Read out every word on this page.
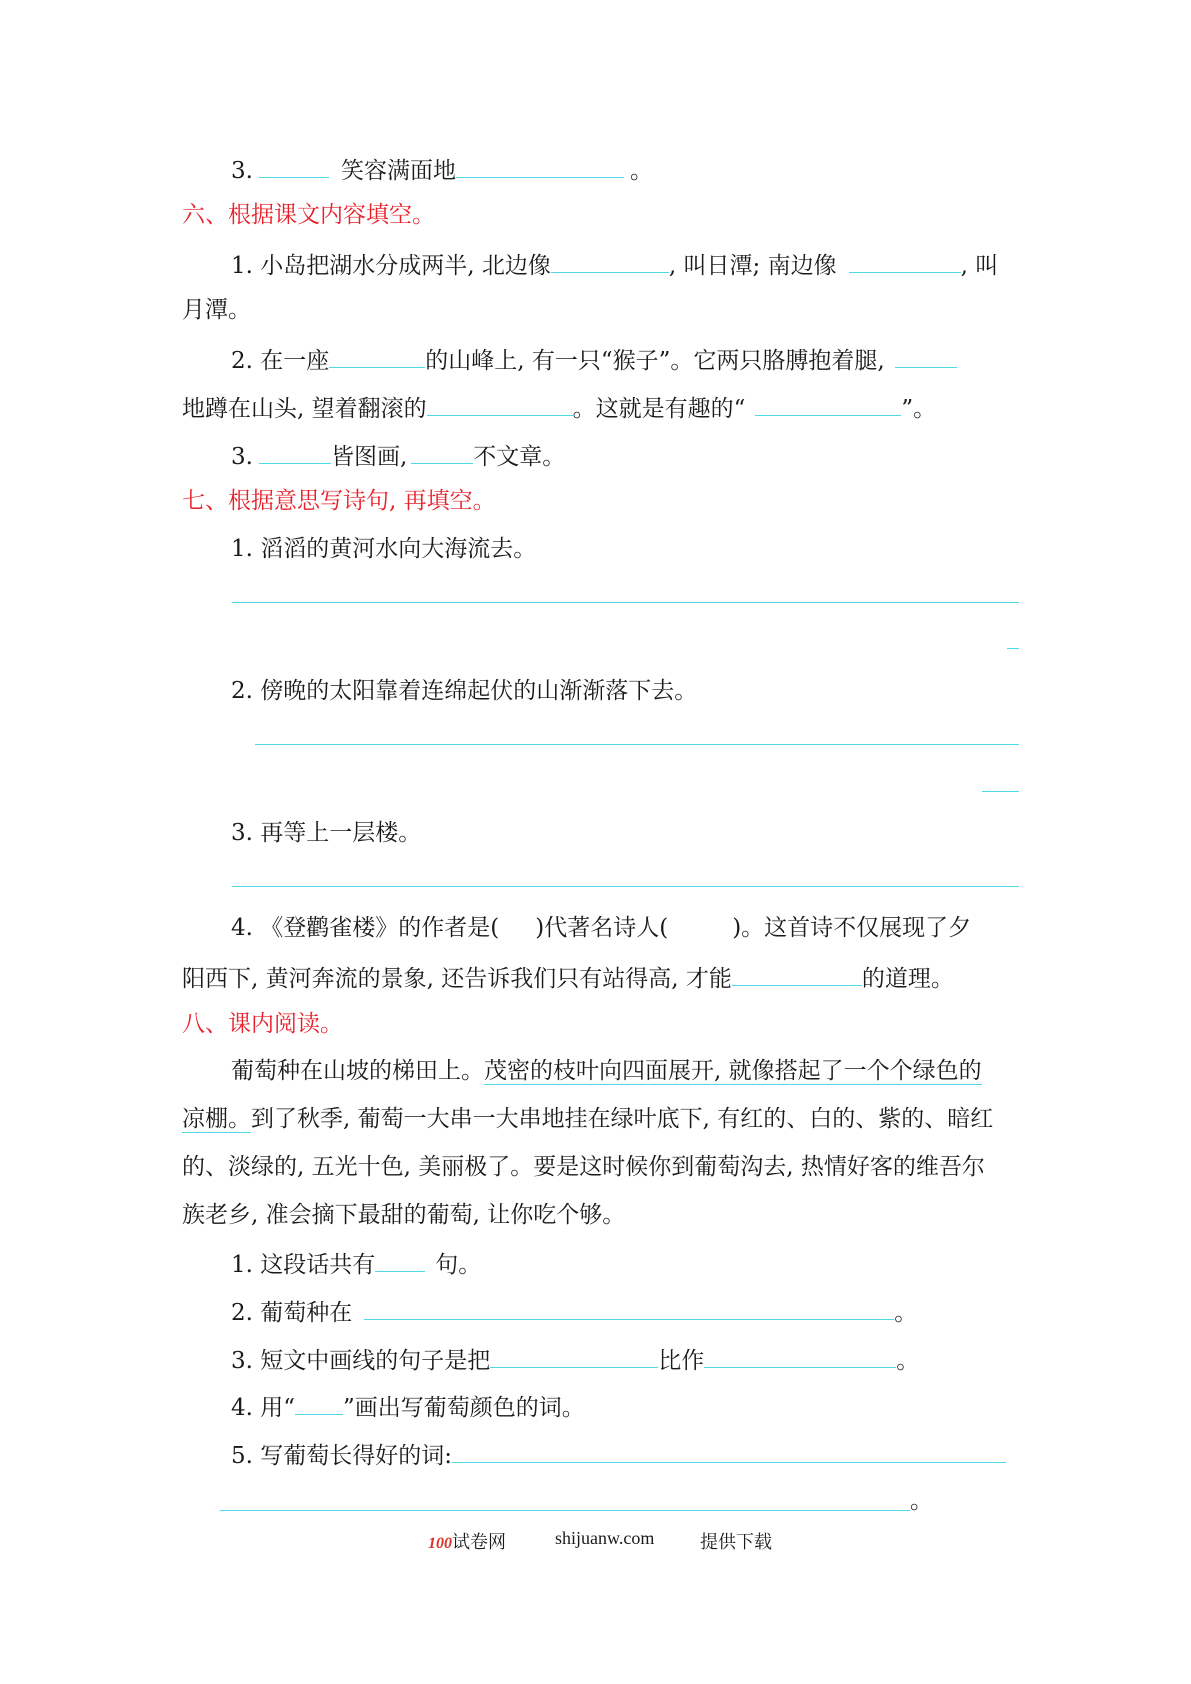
3.	笑容满面地	。
六、根据课文内容填空。
1. 小岛把湖水分成两半, 北边像	, 叫日潭; 南边像	, 叫
月潭。
2. 在一座	的山峰上, 有一只“猴子”。它两只胳膊抱着腿,
地蹲在山头, 望着翻滚的	。这就是有趣的“	”。
3.	皆图画,	不文章。
七、根据意思写诗句, 再填空。
1. 滔滔的黄河水向大海流去。
2. 傍晚的太阳靠着连绵起伏的山渐渐落下去。
3. 再等上一层楼。
4. 《登鹳雀楼》的作者是( )代著名诗人(	)。这首诗不仅展现了夕
阳西下, 黄河奔流的景象, 还告诉我们只有站得高, 才能	的道理。
八、课内阅读。
葡萄种在山坡的梯田上。茂密的枝叶向四面展开, 就像搭起了一个个绿色的
凉棚。到了秋季, 葡萄一大串一大串地挂在绿叶底下, 有红的、白的、紫的、暗红
的、淡绿的, 五光十色, 美丽极了。要是这时候你到葡萄沟去, 热情好客的维吾尔
族老乡, 准会摘下最甜的葡萄, 让你吃个够。
1. 这段话共有	句。
2. 葡萄种在	。
3. 短文中画线的句子是把	比作	。
4. 用“ ”画出写葡萄颜色的词。
5. 写葡萄长得好的词:
。
100试卷网	shijuanw.com	提供下载
